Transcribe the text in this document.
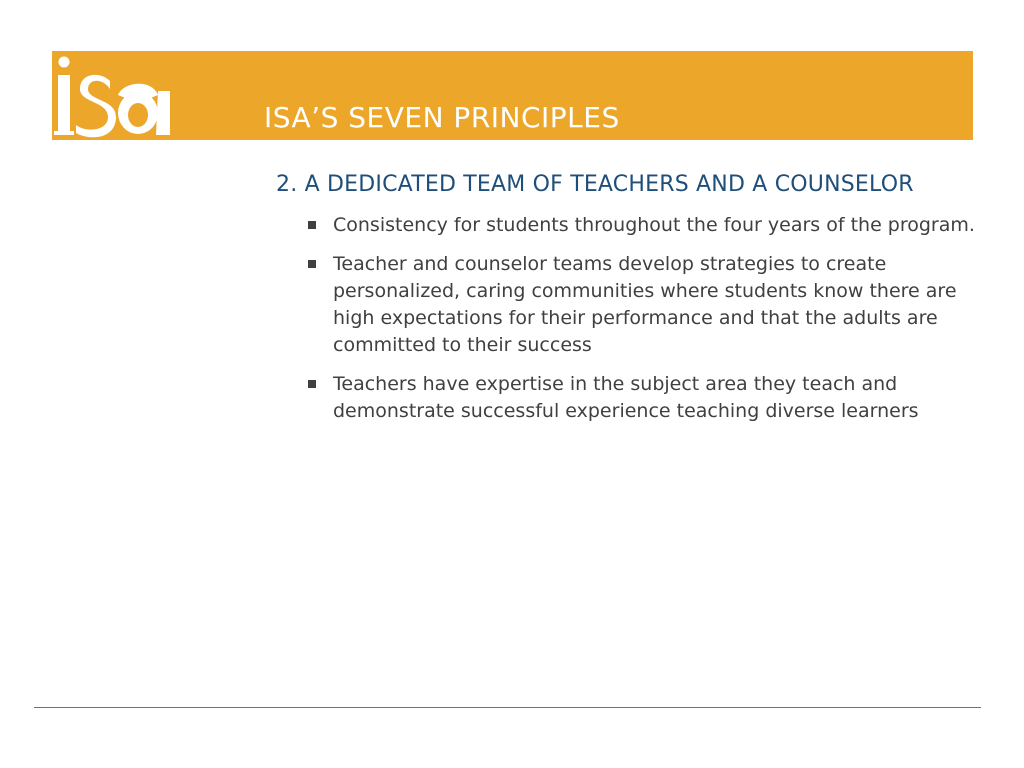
ISA’S SEVEN PRINCIPLES

2. A DEDICATED TEAM OF TEACHERS AND A COUNSELOR

Consistency for students throughout the four years of the program.
Teacher and counselor teams develop strategies to create personalized, caring communities where students know there are high expectations for their performance and that the adults are committed to their success
Teachers have expertise in the subject area they teach and demonstrate successful experience teaching diverse learners
